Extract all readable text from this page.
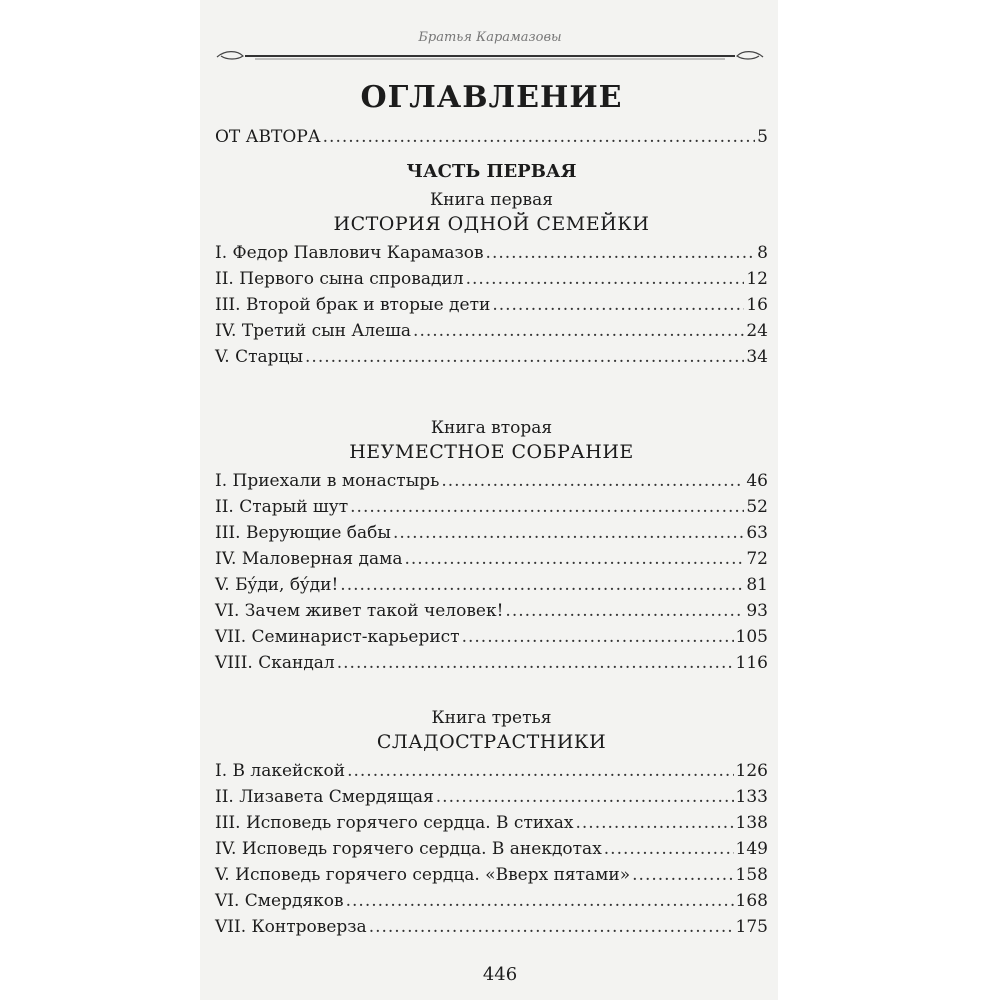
Братья Карамазовы
ОГЛАВЛЕНИЕ
ОТ АВТОРА .....	5
ЧАСТЬ ПЕРВАЯ
Книга первая
ИСТОРИЯ ОДНОЙ СЕМЕЙКИ
I. Федор Павлович Карамазов .....	8
II. Первого сына спровадил .....	12
III. Второй брак и вторые дети .....	16
IV. Третий сын Алеша .....	24
V. Старцы .....	34
Книга вторая
НЕУМЕСТНОЕ СОБРАНИЕ
I. Приехали в монастырь .....	46
II. Старый шут .....	52
III. Верующие бабы .....	63
IV. Маловерная дама .....	72
V. Бýди, бýди! .....	81
VI. Зачем живет такой человек! .....	93
VII. Семинарист-карьерист .....	105
VIII. Скандал .....	116
Книга третья
СЛАДОСТРАСТНИКИ
I. В лакейской .....	126
II. Лизавета Смердящая .....	133
III. Исповедь горячего сердца. В стихах .....	138
IV. Исповедь горячего сердца. В анекдотах .....	149
V. Исповедь горячего сердца. «Вверх пятами» .....	158
VI. Смердяков .....	168
VII. Контроверза .....	175
446
